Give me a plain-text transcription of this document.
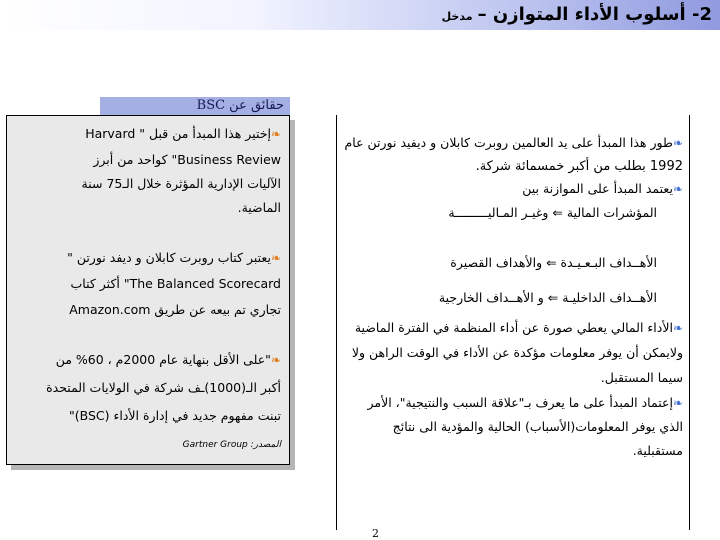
2- أسلوب الأداء المتوازن – مدخل
حقائق عن BSC
❧إختير هذا المبدأ من قبل " Harvard
Business Review" كواحد من أبرز
الآليات الإدارية المؤثرة خلال الـ75 سنة
الماضية.
❧يعتبر كتاب روبرت كابلان و ديفد نورتن "
The Balanced Scorecard" أكثر كتاب
تجاري تم بيعه عن طريق Amazon.com
❧"على الأقل بنهاية عام 2000م ، 60% من
أكبر الـ(1000)ـف شركة في الولايات المتحدة
تبنت مفهوم جديد في إدارة الأداء (BSC)"
المصدر: Gartner Group
❧طور هذا المبدأ على يد العالمين روبرت كابلان و ديفيد نورتن عام
1992 بطلب من أكبر خمسمائة شركة.
❧يعتمد المبدأ على الموازنة بين
المؤشرات المالية ⇐ وغيـر المـاليـــــــــة
الأهــداف البـعـيـدة ⇐ والأهداف القصيرة
الأهــداف الداخليـة ⇐ و الأهــداف الخارجية
❧الأداء المالي يعطي صورة عن أداء المنظمة في الفترة الماضية
ولايمكن أن يوفر معلومات مؤكدة عن الأداء في الوقت الراهن ولا
سيما المستقبل.
❧إعتماد المبدأ على ما يعرف بـ"علاقة السبب والنتيجية"، الأمر
الذي يوفر المعلومات(الأسباب) الحالية والمؤدية الى نتائج
مستقبلية.
2
